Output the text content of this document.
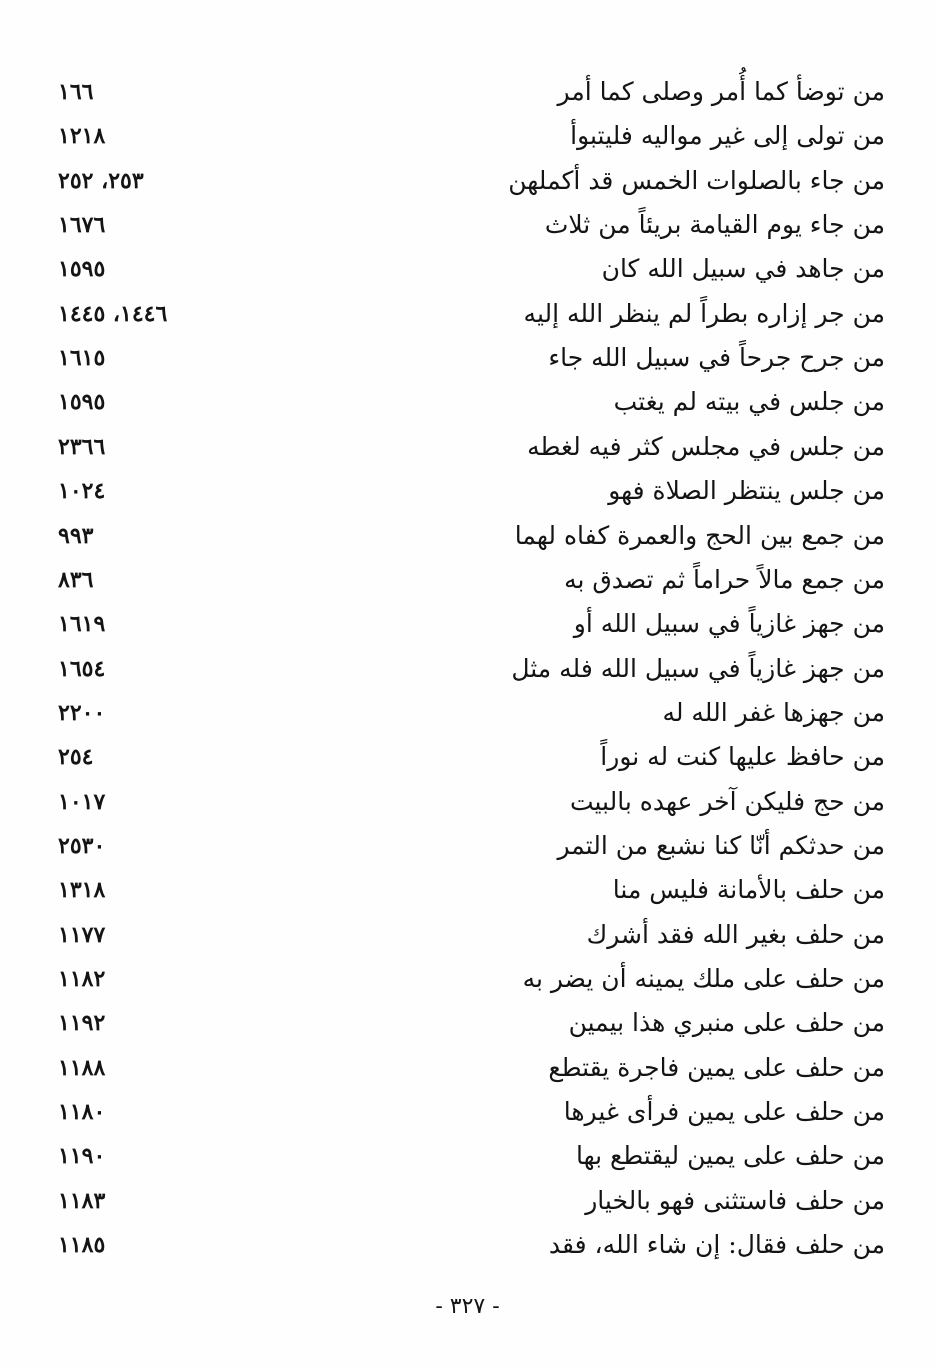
من توضأ كما أُمر وصلى كما أمر
١٦٦
من تولى إلى غير مواليه فليتبوأ
١٢١٨
من جاء بالصلوات الخمس قد أكملهن
٢٥٣، ٢٥٢
من جاء يوم القيامة بريئاً من ثلاث
١٦٧٦
من جاهد في سبيل الله كان
١٥٩٥
من جر إزاره بطراً لم ينظر الله إليه
١٤٤٦، ١٤٤٥
من جرح جرحاً في سبيل الله جاء
١٦١٥
من جلس في بيته لم يغتب
١٥٩٥
من جلس في مجلس كثر فيه لغطه
٢٣٦٦
من جلس ينتظر الصلاة فهو
١٠٢٤
من جمع بين الحج والعمرة كفاه لهما
٩٩٣
من جمع مالاً حراماً ثم تصدق به
٨٣٦
من جهز غازياً في سبيل الله أو
١٦١٩
من جهز غازياً في سبيل الله فله مثل
١٦٥٤
من جهزها غفر الله له
٢٢٠٠
من حافظ عليها كنت له نوراً
٢٥٤
من حج فليكن آخر عهده بالبيت
١٠١٧
من حدثكم أنّا كنا نشبع من التمر
٢٥٣٠
من حلف بالأمانة فليس منا
١٣١٨
من حلف بغير الله فقد أشرك
١١٧٧
من حلف على ملك يمينه أن يضر به
١١٨٢
من حلف على منبري هذا بيمين
١١٩٢
من حلف على يمين فاجرة يقتطع
١١٨٨
من حلف على يمين فرأى غيرها
١١٨٠
من حلف على يمين ليقتطع بها
١١٩٠
من حلف فاستثنى فهو بالخيار
١١٨٣
من حلف فقال: إن شاء الله، فقد
١١٨٥
- ٣٢٧ -
